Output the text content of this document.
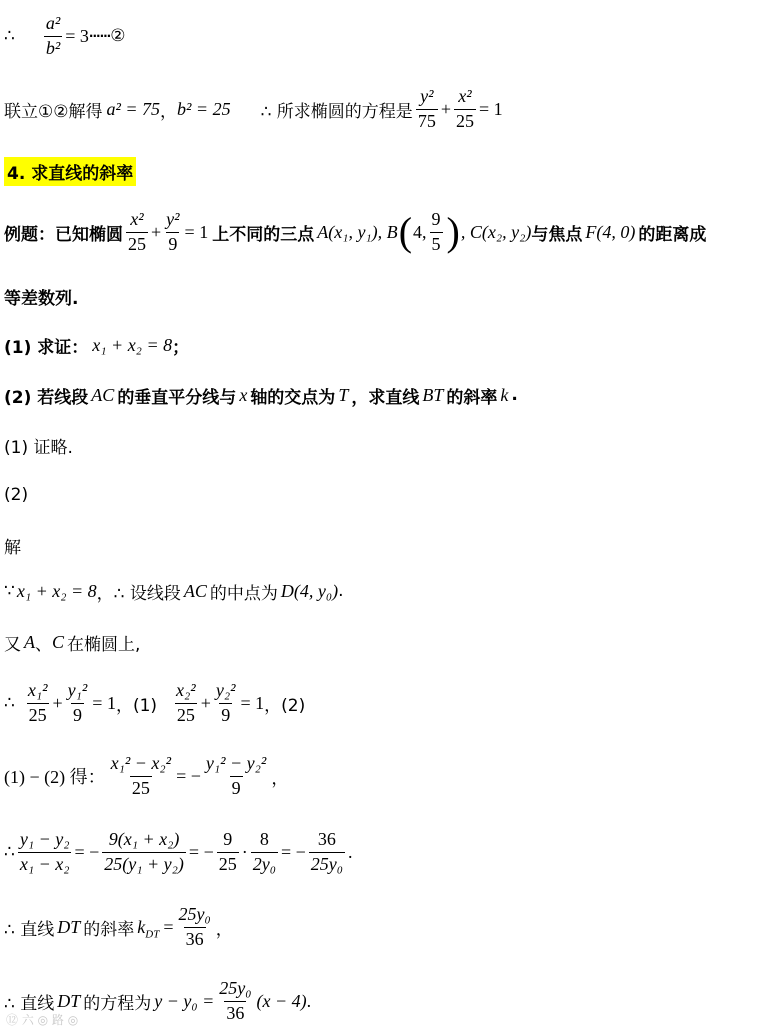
∴ $\frac{\text{a²}}{\text{b²}} = 3$ ······ ②
联立①②解得 a² = 75 ， b² = 25 ∴ 所求椭圆的方程是 $\frac{\text{y²}}{75} + \frac{\text{x²}}{25} = 1$
4. 求直线的斜率
例题：已知椭圆 $\frac{\text{x²}}{25} + \frac{\text{y²}}{9} = 1$ 上不同的三点 A(x₁, y₁), B ( 4, $\frac{9}{5}$ ) , C(x₂, y₂) 与焦点 F(4, 0) 的距离成
等差数列.
(1) 求证： x₁ + x₂ = 8 ；
(2) 若线段 AC 的垂直平分线与 x 轴的交点为 T ，求直线 BT 的斜率 k .
(1) 证略.
(2)
解
∵ x₁ + x₂ = 8 ，∴ 设线段 AC 的中点为 D(4, y₀) .
又 A 、 C 在椭圆上,
∴ $\frac{\text{x₁²}}{25} + \frac{\text{y₁²}}{9} = 1$ ，$(1) \frac{\text{x₂²}}{25} + \frac{\text{y₂²}}{9} = 1$ ，(2)
(1) − (2) 得： $\frac{\text{x₁² − x₂²}}{25}$ = − $\frac{\text{y₁² − y₂²}}{9}$ ，
∴ $\frac{\text{y₁ − y₂}}{\text{x₁ − x₂}}$ = − $\frac{\text{9(x₁ + x₂)}}{\text{25(y₁ + y₂)}}$ = − $\frac{9}{25} \cdot \frac{8}{\text{2y₀}}$ = − $\frac{36}{\text{25y₀}}$ .
∴ 直线 DT 的斜率 $k_{DT} = \frac{\text{25y₀}}{36}$ ，
∴ 直线 DT 的方程为 $y - y_0 = \frac{\text{25y₀}}{36} (x - 4)$ .
⑫ 六 ◎ 路 ◎
